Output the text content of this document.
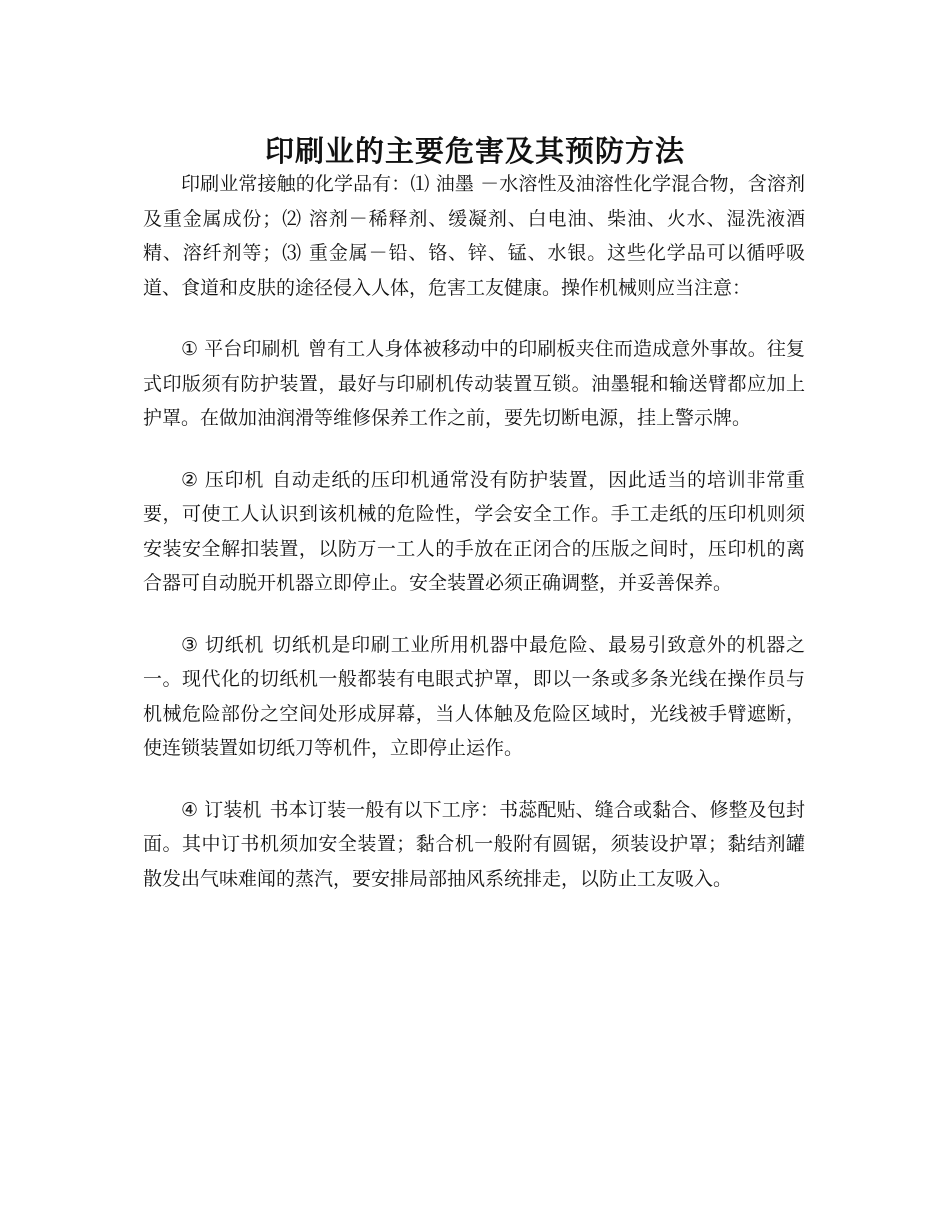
印刷业的主要危害及其预防方法

印刷业常接触的化学品有：⑴ 油墨 －水溶性及油溶性化学混合物，含溶剂及重金属成份；⑵ 溶剂－稀释剂、缓凝剂、白电油、柴油、火水、湿洗液酒精、溶纤剂等；⑶ 重金属－铅、铬、锌、锰、水银。这些化学品可以循呼吸道、食道和皮肤的途径侵入人体，危害工友健康。操作机械则应当注意：

① 平台印刷机 曾有工人身体被移动中的印刷板夹住而造成意外事故。往复式印版须有防护装置，最好与印刷机传动装置互锁。油墨辊和输送臂都应加上护罩。在做加油润滑等维修保养工作之前，要先切断电源，挂上警示牌。

② 压印机 自动走纸的压印机通常没有防护装置，因此适当的培训非常重要，可使工人认识到该机械的危险性，学会安全工作。手工走纸的压印机则须安装安全解扣装置，以防万一工人的手放在正闭合的压版之间时，压印机的离合器可自动脱开机器立即停止。安全装置必须正确调整，并妥善保养。

③ 切纸机 切纸机是印刷工业所用机器中最危险、最易引致意外的机器之一。现代化的切纸机一般都装有电眼式护罩，即以一条或多条光线在操作员与机械危险部份之空间处形成屏幕，当人体触及危险区域时，光线被手臂遮断，使连锁装置如切纸刀等机件，立即停止运作。

④ 订装机 书本订装一般有以下工序：书蕊配贴、缝合或黏合、修整及包封面。其中订书机须加安全装置；黏合机一般附有圆锯，须装设护罩；黏结剂罐散发出气味难闻的蒸汽，要安排局部抽风系统排走，以防止工友吸入。
